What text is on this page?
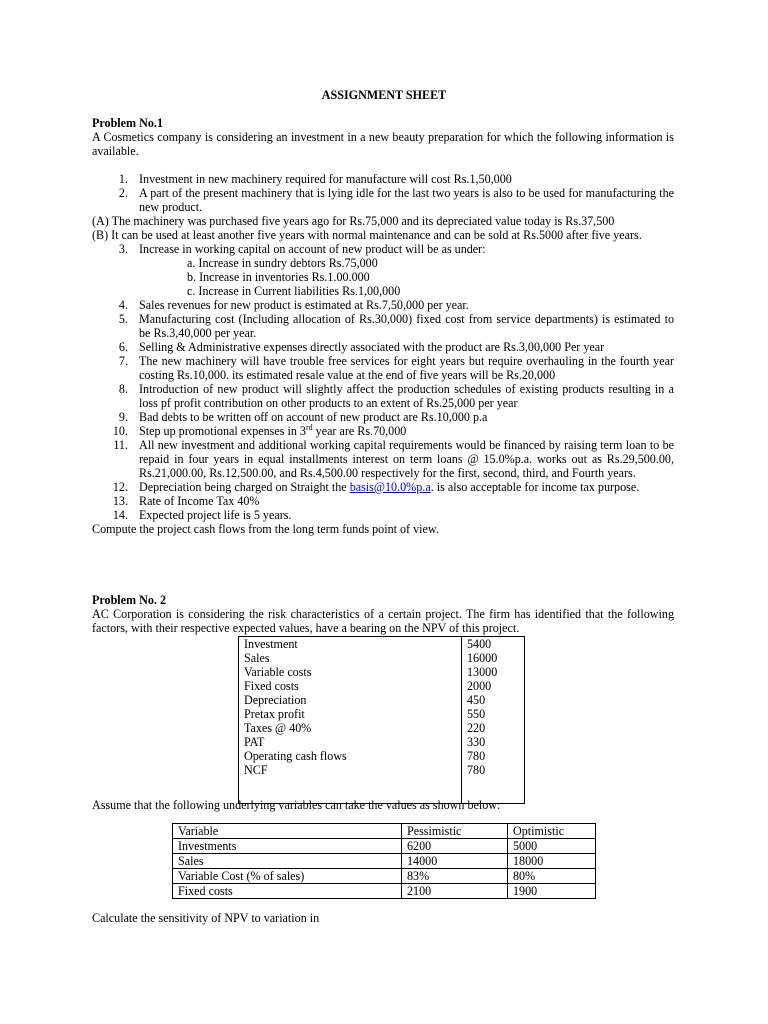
ASSIGNMENT SHEET
Problem No.1
A Cosmetics company is considering an investment in a new beauty preparation for which the following information is available.
1. Investment in new machinery required for manufacture will cost Rs.1,50,000
2. A part of the present machinery that is lying idle for the last two years is also to be used for manufacturing the new product.
(A) The machinery was purchased five years ago for Rs.75,000 and its depreciated value today is Rs.37,500
(B) It can be used at least another five years with normal maintenance and can be sold at Rs.5000 after five years.
3. Increase in working capital on account of new product will be as under:
a. Increase in sundry debtors Rs.75,000
b. Increase in inventories Rs.1.00.000
c. Increase in Current liabilities Rs.1,00,000
4. Sales revenues for new product is estimated at Rs.7,50,000 per year.
5. Manufacturing cost (Including allocation of Rs.30,000) fixed cost from service departments) is estimated to be Rs.3,40,000 per year.
6. Selling & Administrative expenses directly associated with the product are Rs.3,00,000 Per year
7. The new machinery will have trouble free services for eight years but require overhauling in the fourth year costing Rs.10,000. its estimated resale value at the end of five years will be Rs.20,000
8. Introduction of new product will slightly affect the production schedules of existing products resulting in a loss pf profit contribution on other products to an extent of Rs.25,000 per year
9. Bad debts to be written off on account of new product are Rs.10,000 p.a
10. Step up promotional expenses in 3rd year are Rs.70,000
11. All new investment and additional working capital requirements would be financed by raising term loan to be repaid in four years in equal installments interest on term loans @ 15.0%p.a. works out as Rs.29,500.00, Rs.21,000.00, Rs.12,500.00, and Rs.4,500.00 respectively for the first, second, third, and Fourth years.
12. Depreciation being charged on Straight the basis@10.0%p.a. is also acceptable for income tax purpose.
13. Rate of Income Tax 40%
14. Expected project life is 5 years.
Compute the project cash flows from the long term funds point of view.
Problem No. 2
AC Corporation is considering the risk characteristics of a certain project. The firm has identified that the following factors, with their respective expected values, have a bearing on the NPV of this project.
Investment	5400
Sales	16000
Variable costs	13000
Fixed costs	2000
Depreciation	450
Pretax profit	550
Taxes @ 40%	220
PAT	330
Operating cash flows	780
NCF	780

Assume that the following underlying variables can take the values as shown below:
Variable	Pessimistic	Optimistic
Investments	6200	5000
Sales	14000	18000
Variable Cost (% of sales)	83%	80%
Fixed costs	2100	1900
Calculate the sensitivity of NPV to variation in
